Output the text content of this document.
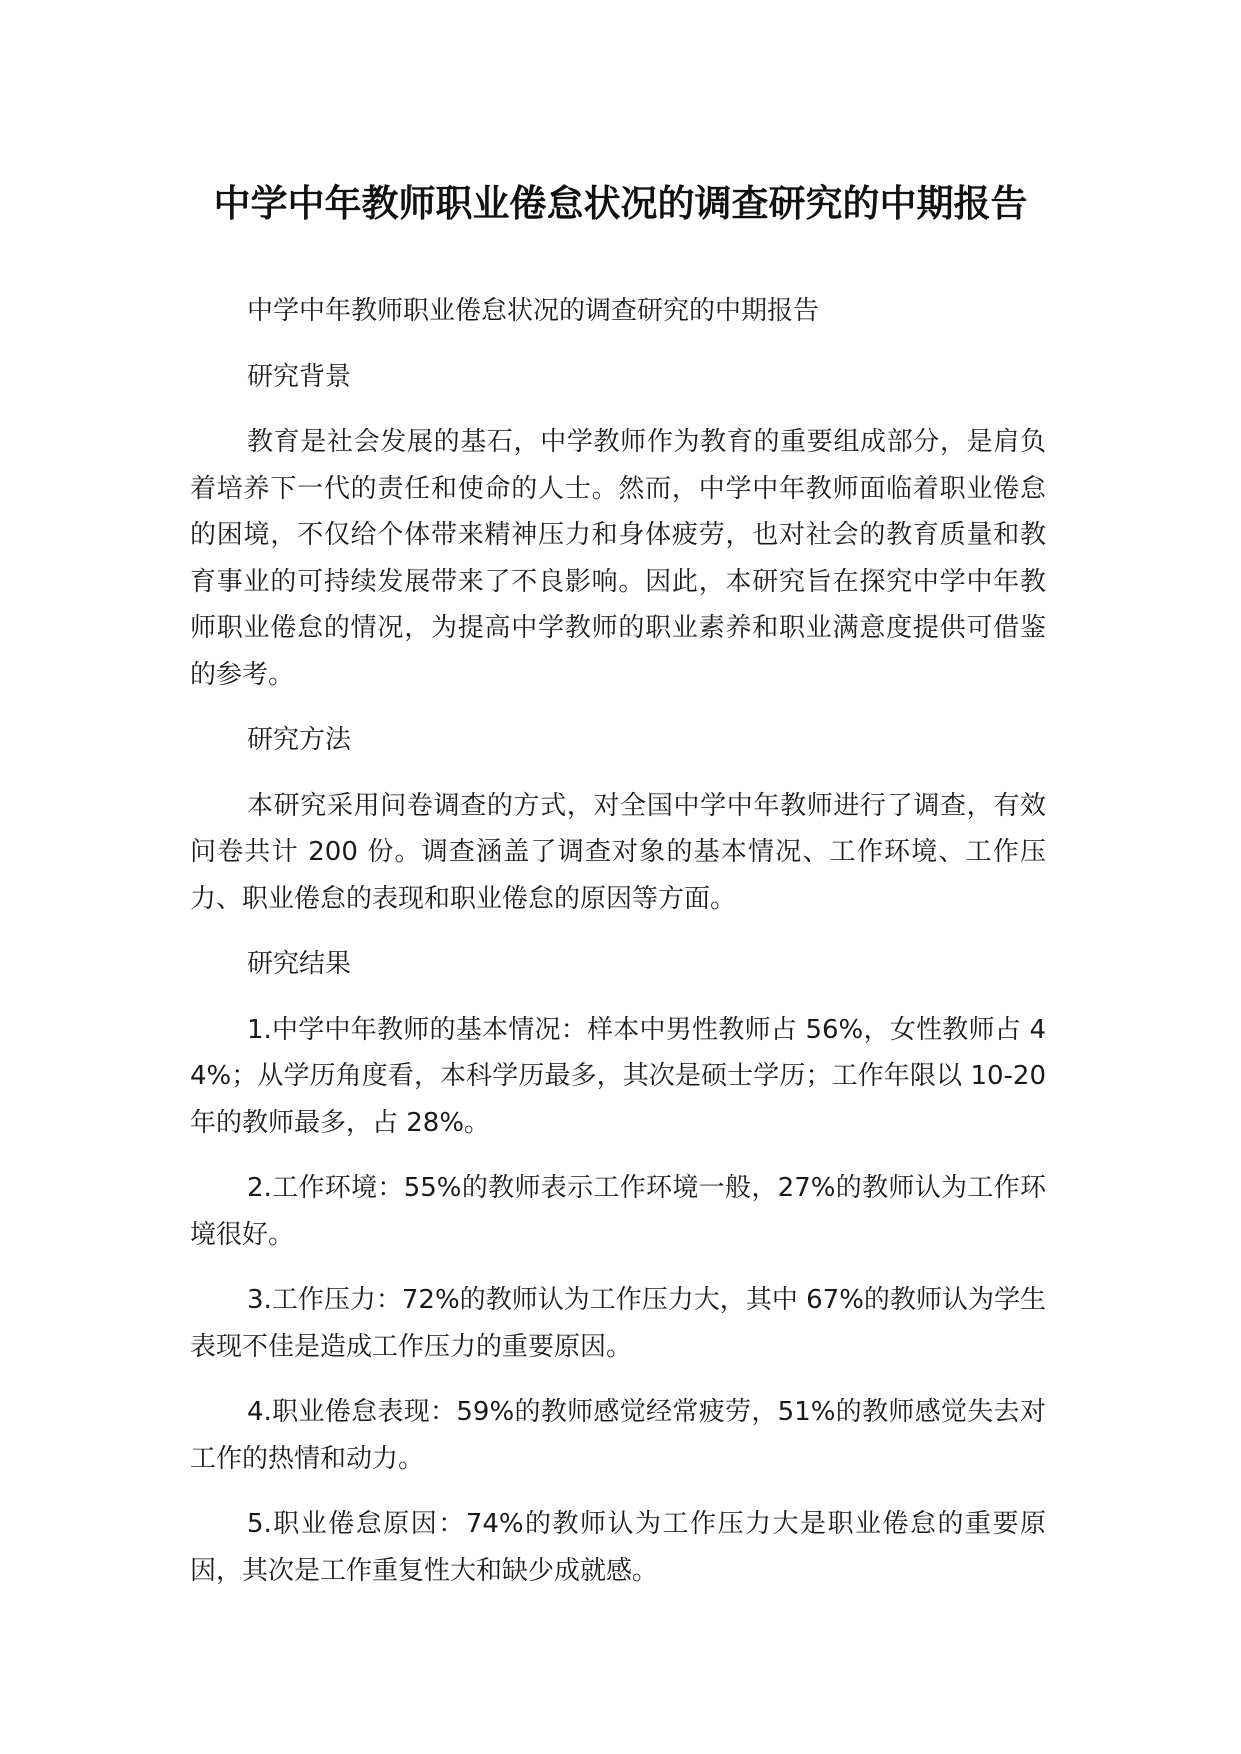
中学中年教师职业倦怠状况的调查研究的中期报告

中学中年教师职业倦怠状况的调查研究的中期报告

研究背景

教育是社会发展的基石，中学教师作为教育的重要组成部分，是肩负着培养下一代的责任和使命的人士。然而，中学中年教师面临着职业倦怠的困境，不仅给个体带来精神压力和身体疲劳，也对社会的教育质量和教育事业的可持续发展带来了不良影响。因此，本研究旨在探究中学中年教师职业倦怠的情况，为提高中学教师的职业素养和职业满意度提供可借鉴的参考。

研究方法

本研究采用问卷调查的方式，对全国中学中年教师进行了调查，有效问卷共计 200 份。调查涵盖了调查对象的基本情况、工作环境、工作压力、职业倦怠的表现和职业倦怠的原因等方面。

研究结果

1.中学中年教师的基本情况：样本中男性教师占 56%，女性教师占 44%；从学历角度看，本科学历最多，其次是硕士学历；工作年限以 10-20 年的教师最多，占 28%。

2.工作环境：55%的教师表示工作环境一般，27%的教师认为工作环境很好。

3.工作压力：72%的教师认为工作压力大，其中 67%的教师认为学生表现不佳是造成工作压力的重要原因。

4.职业倦怠表现：59%的教师感觉经常疲劳，51%的教师感觉失去对工作的热情和动力。

5.职业倦怠原因：74%的教师认为工作压力大是职业倦怠的重要原因，其次是工作重复性大和缺少成就感。
